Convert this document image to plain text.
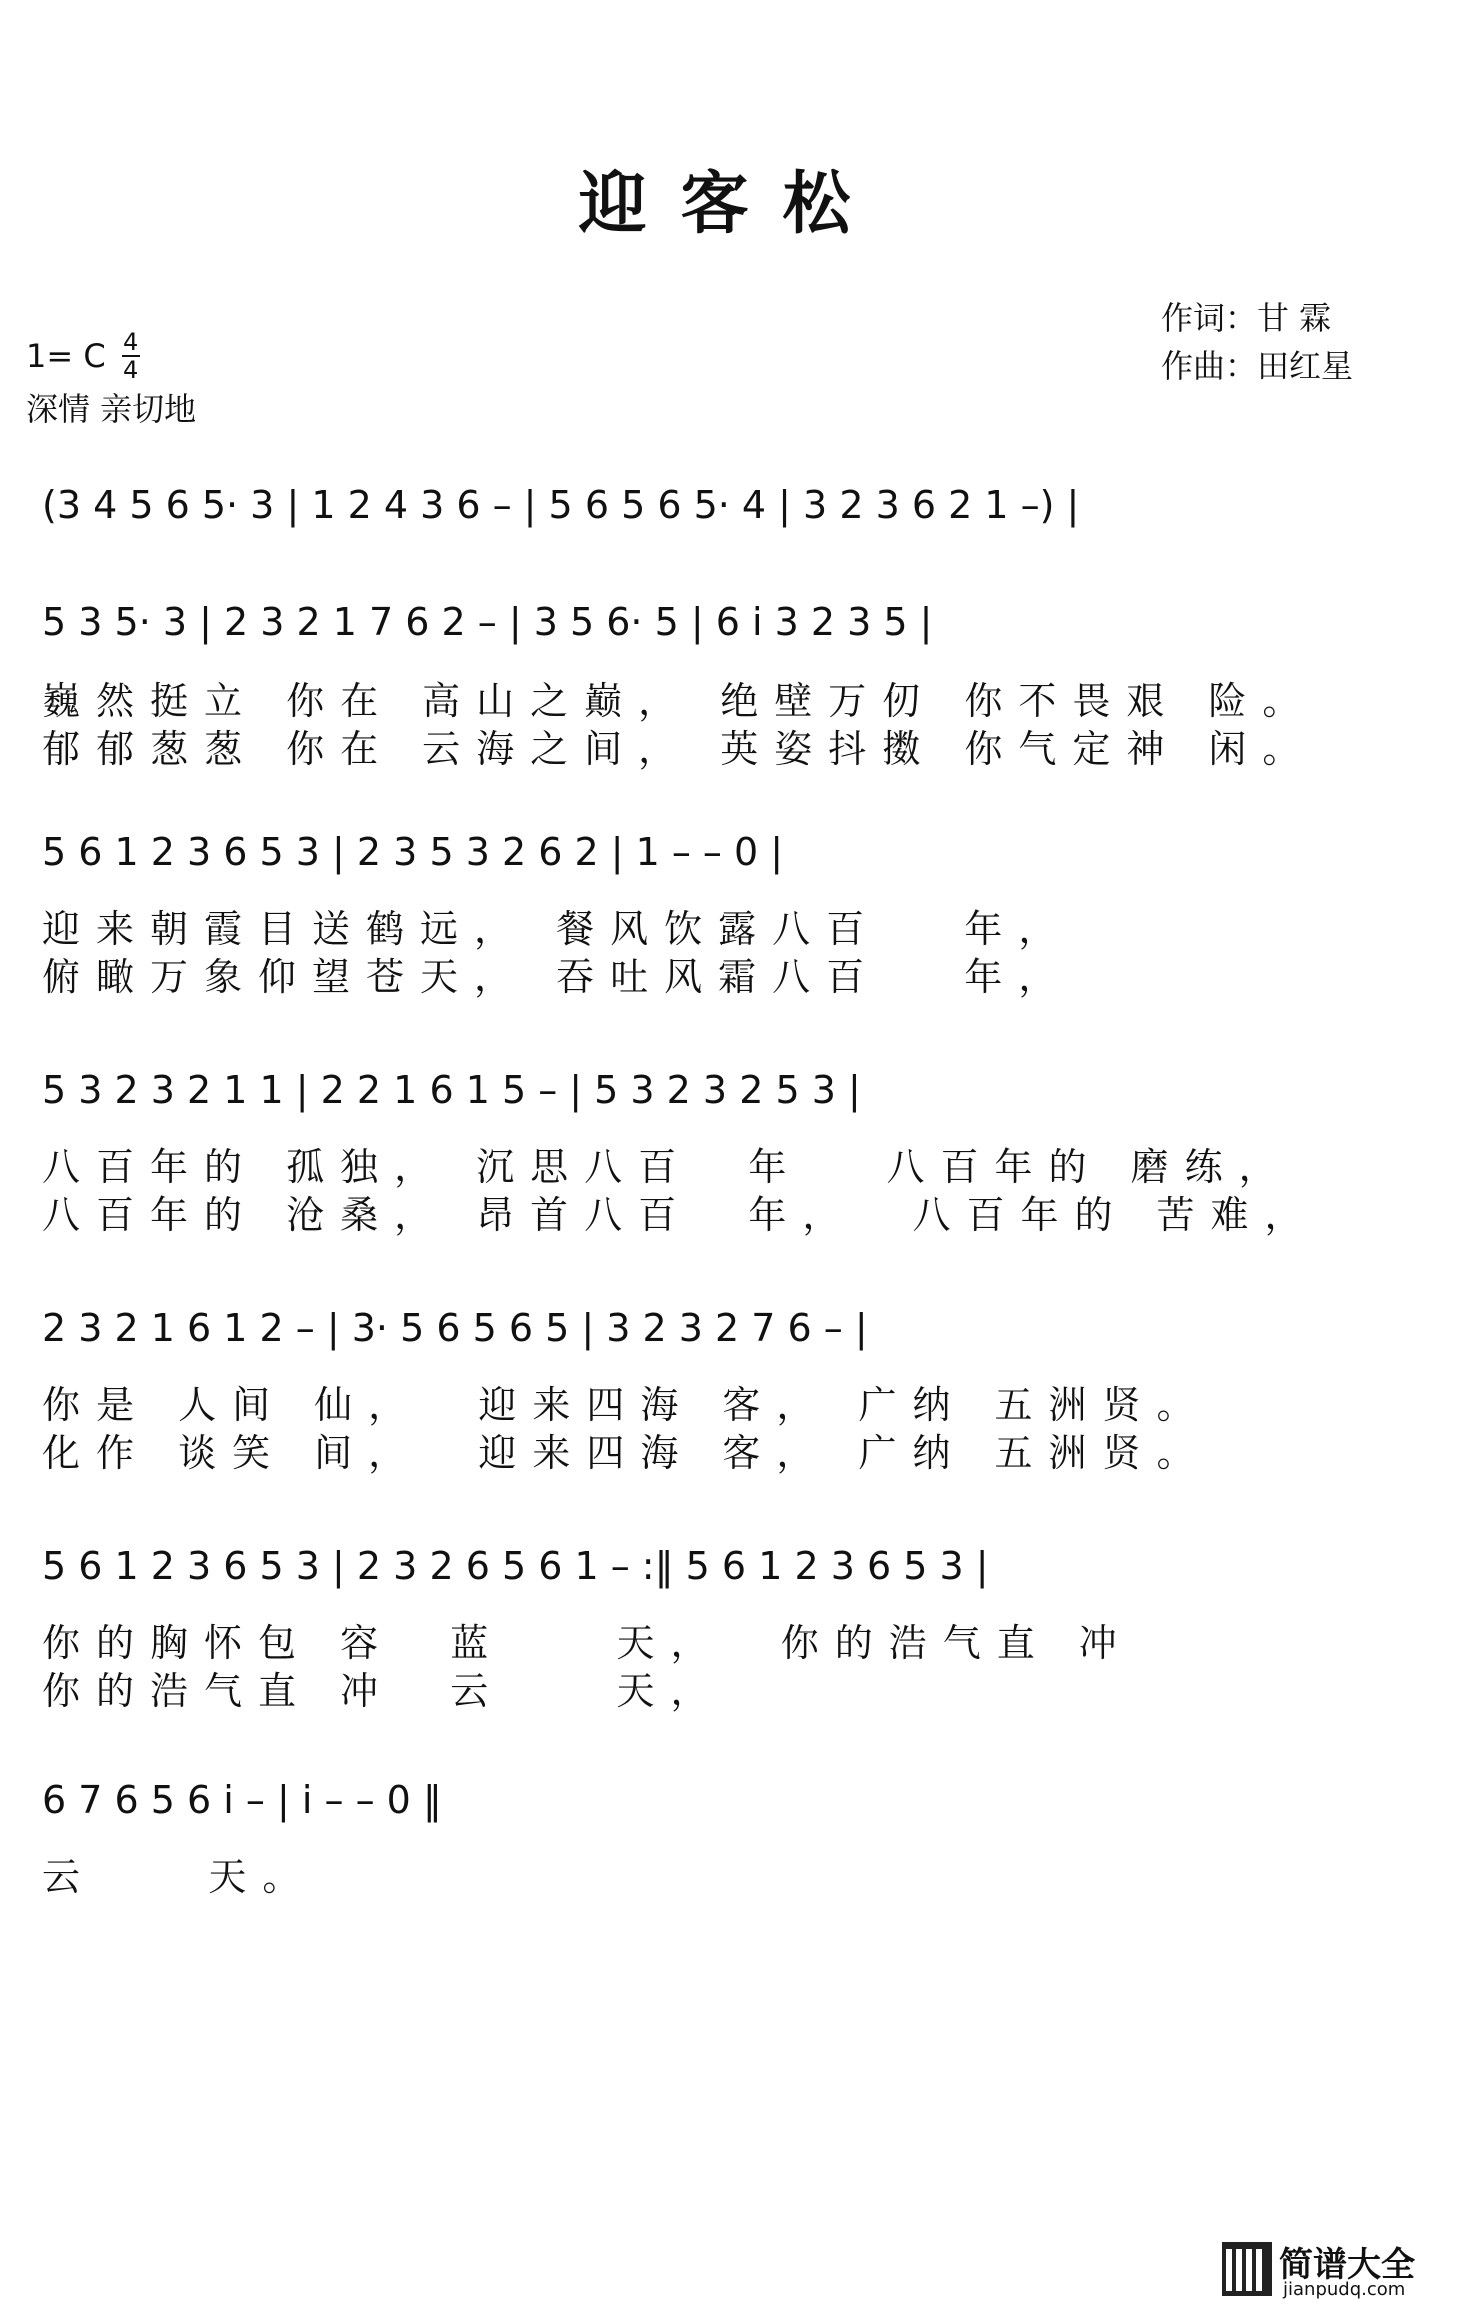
迎客松
作词：甘 霖
作曲：田红星
1= C 4
4
深情 亲切地
(3 4 5 6 5· 3 | 1 2 4 3 6 – | 5 6 5 6 5· 4 | 3 2 3 6 2 1 –) |
5 3 5· 3 | 2 3 2 1 7 6 2 – | 3 5 6· 5 | 6 i 3 2 3 5 |
巍然挺立 你在 高山之巅， 绝壁万仞 你不畏艰 险。
郁郁葱葱 你在 云海之间， 英姿抖擞 你气定神 闲。
5 6 1 2 3 6 5 3 | 2 3 5 3 2 6 2 | 1 – – 0 |
迎来朝霞目送鹤远， 餐风饮露八百   年，
俯瞰万象仰望苍天， 吞吐风霜八百   年，
5 3 2 3 2 1 1 | 2 2 1 6 1 5 – | 5 3 2 3 2 5 3 |
八百年的 孤独， 沉思八百  年   八百年的 磨练，
八百年的 沧桑， 昂首八百  年，  八百年的 苦难，
2 3 2 1 6 1 2 – | 3· 5 6 5 6 5 | 3 2 3 2 7 6 – |
你是 人间 仙，  迎来四海 客， 广纳 五洲贤。
化作 谈笑 间，  迎来四海 客， 广纳 五洲贤。
5 6 1 2 3 6 5 3 | 2 3 2 6 5 6 1 – :‖ 5 6 1 2 3 6 5 3 |
你的胸怀包 容  蓝    天，  你的浩气直 冲
你的浩气直 冲  云    天，
6 7 6 5 6 i – | i – – 0 ‖
云    天。
简谱大全
jianpudq.com
